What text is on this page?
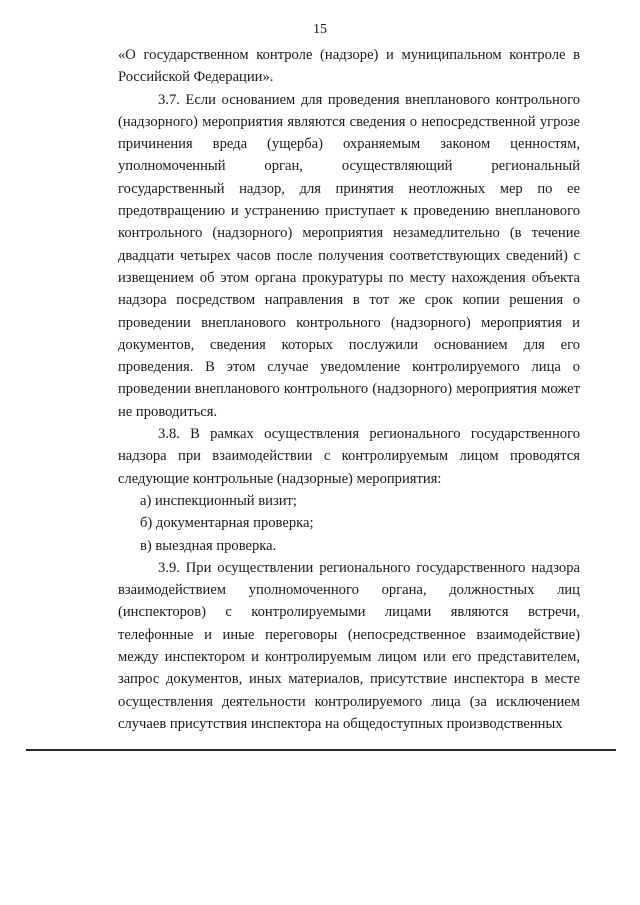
15

«О государственном контроле (надзоре) и муниципальном контроле в Российской Федерации».

3.7. Если основанием для проведения внепланового контрольного (надзорного) мероприятия являются сведения о непосредственной угрозе причинения вреда (ущерба) охраняемым законом ценностям, уполномоченный орган, осуществляющий региональный государственный надзор, для принятия неотложных мер по ее предотвращению и устранению приступает к проведению внепланового контрольного (надзорного) мероприятия незамедлительно (в течение двадцати четырех часов после получения соответствующих сведений) с извещением об этом органа прокуратуры по месту нахождения объекта надзора посредством направления в тот же срок копии решения о проведении внепланового контрольного (надзорного) мероприятия и документов, сведения которых послужили основанием для его проведения. В этом случае уведомление контролируемого лица о проведении внепланового контрольного (надзорного) мероприятия может не проводиться.

3.8. В рамках осуществления регионального государственного надзора при взаимодействии с контролируемым лицом проводятся следующие контрольные (надзорные) мероприятия:

а) инспекционный визит;

б) документарная проверка;

в) выездная проверка.

3.9. При осуществлении регионального государственного надзора взаимодействием уполномоченного органа, должностных лиц (инспекторов) с контролируемыми лицами являются встречи, телефонные и иные переговоры (непосредственное взаимодействие) между инспектором и контролируемым лицом или его представителем, запрос документов, иных материалов, присутствие инспектора в месте осуществления деятельности контролируемого лица (за исключением случаев присутствия инспектора на общедоступных производственных
